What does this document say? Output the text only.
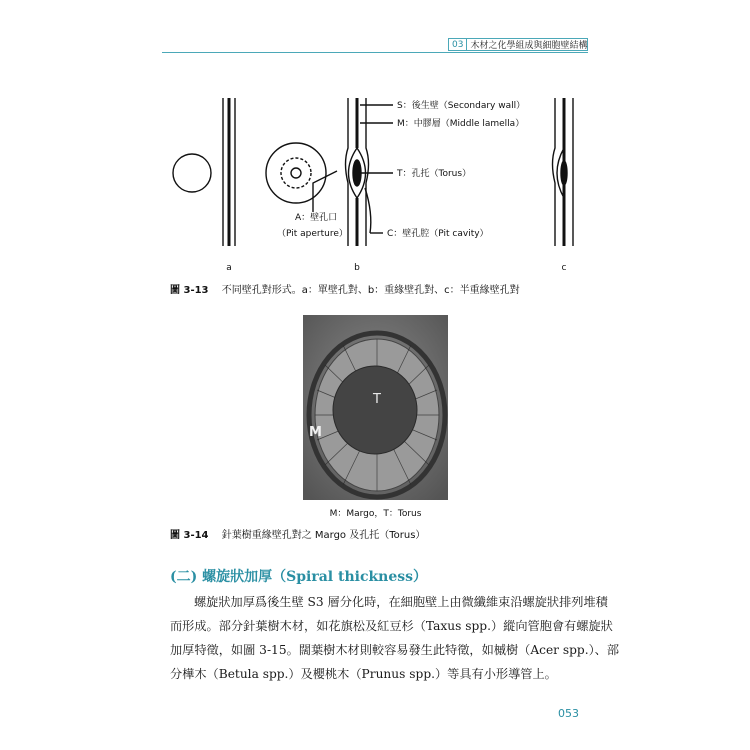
03 木材之化學組成與細胞壁結構
S：後生壁（Secondary wall）
M：中膠層（Middle lamella）
T：孔托（Torus）
A：壁孔口
（Pit aperture）	C：壁孔腔（Pit cavity）
a	b	c
圖 3-13 不同壁孔對形式。a：單壁孔對、b：重緣壁孔對、c：半重緣壁孔對
T
M
M：Margo，T：Torus
圖 3-14 針葉樹重緣壁孔對之 Margo 及孔托（Torus）
(二) 螺旋狀加厚（Spiral thickness）
螺旋狀加厚爲後生壁 S3 層分化時，在細胞壁上由微纖維束沿螺旋狀排列堆積
而形成。部分針葉樹木材，如花旗松及紅豆杉（Taxus spp.）縱向管胞會有螺旋狀
加厚特徵，如圖 3-15。闊葉樹木材則較容易發生此特徵，如槭樹（Acer spp.）、部
分樺木（Betula spp.）及櫻桃木（Prunus spp.）等具有小形導管上。
053
